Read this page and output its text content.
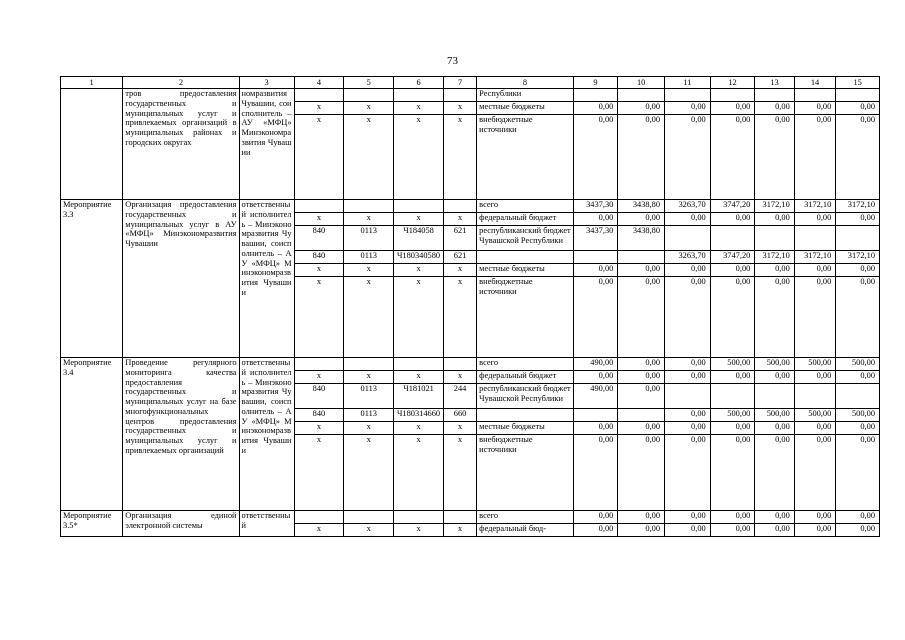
73
1	2	3	4	5	6	7	8	9	10	11	12	13	14	15
	тров предоставления государственных и муниципальных услуг и привлекаемых организаций в муниципальных районах и городских округах	номразвития Чувашии, соисполнитель – АУ «МФЦ» Минэкономразвития Чувашии					Республики							
			х	х	х	х	местные бюджеты	0,00	0,00	0,00	0,00	0,00	0,00	0,00
			х	х	х	х	внебюджетные источники	0,00	0,00	0,00	0,00	0,00	0,00	0,00
Мероприятие 3.3	Организация предоставления государственных и муниципальных услуг в АУ «МФЦ» Минэкономразвития Чувашии	ответственный исполнитель – Минэкономразвития Чувашии, соисполнитель – АУ «МФЦ» Минэкономразвития Чувашии					всего	3437,30	3438,80	3263,70	3747,20	3172,10	3172,10	3172,10
			х	х	х	х	федеральный бюджет	0,00	0,00	0,00	0,00	0,00	0,00	0,00
			840	0113	Ч184058	621	республиканский бюджет Чувашской Республики	3437,30	3438,80					
			840	0113	Ч180340580	621				3263,70	3747,20	3172,10	3172,10	3172,10
			х	х	х	х	местные бюджеты	0,00	0,00	0,00	0,00	0,00	0,00	0,00
			х	х	х	х	внебюджетные источники	0,00	0,00	0,00	0,00	0,00	0,00	0,00
Мероприятие 3.4	Проведение регулярного мониторинга качества предоставления государственных и муниципальных услуг на базе многофункциональных центров предоставления государственных и муниципальных услуг и привлекаемых организаций	ответственный исполнитель – Минэкономразвития Чувашии, соисполнитель – АУ «МФЦ» Минэкономразвития Чувашии					всего	490,00	0,00	0,00	500,00	500,00	500,00	500,00
			х	х	х	х	федеральный бюджет	0,00	0,00	0,00	0,00	0,00	0,00	0,00
			840	0113	Ч181021	244	республиканский бюджет Чувашской Республики	490,00	0,00					
			840	0113	Ч180314660	660				0,00	500,00	500,00	500,00	500,00
			х	х	х	х	местные бюджеты	0,00	0,00	0,00	0,00	0,00	0,00	0,00
			х	х	х	х	внебюджетные источники	0,00	0,00	0,00	0,00	0,00	0,00	0,00
Мероприятие 3.5*	Организация единой электронной системы	ответственный					всего	0,00	0,00	0,00	0,00	0,00	0,00	0,00
			х	х	х	х	федеральный бюд-	0,00	0,00	0,00	0,00	0,00	0,00	0,00
